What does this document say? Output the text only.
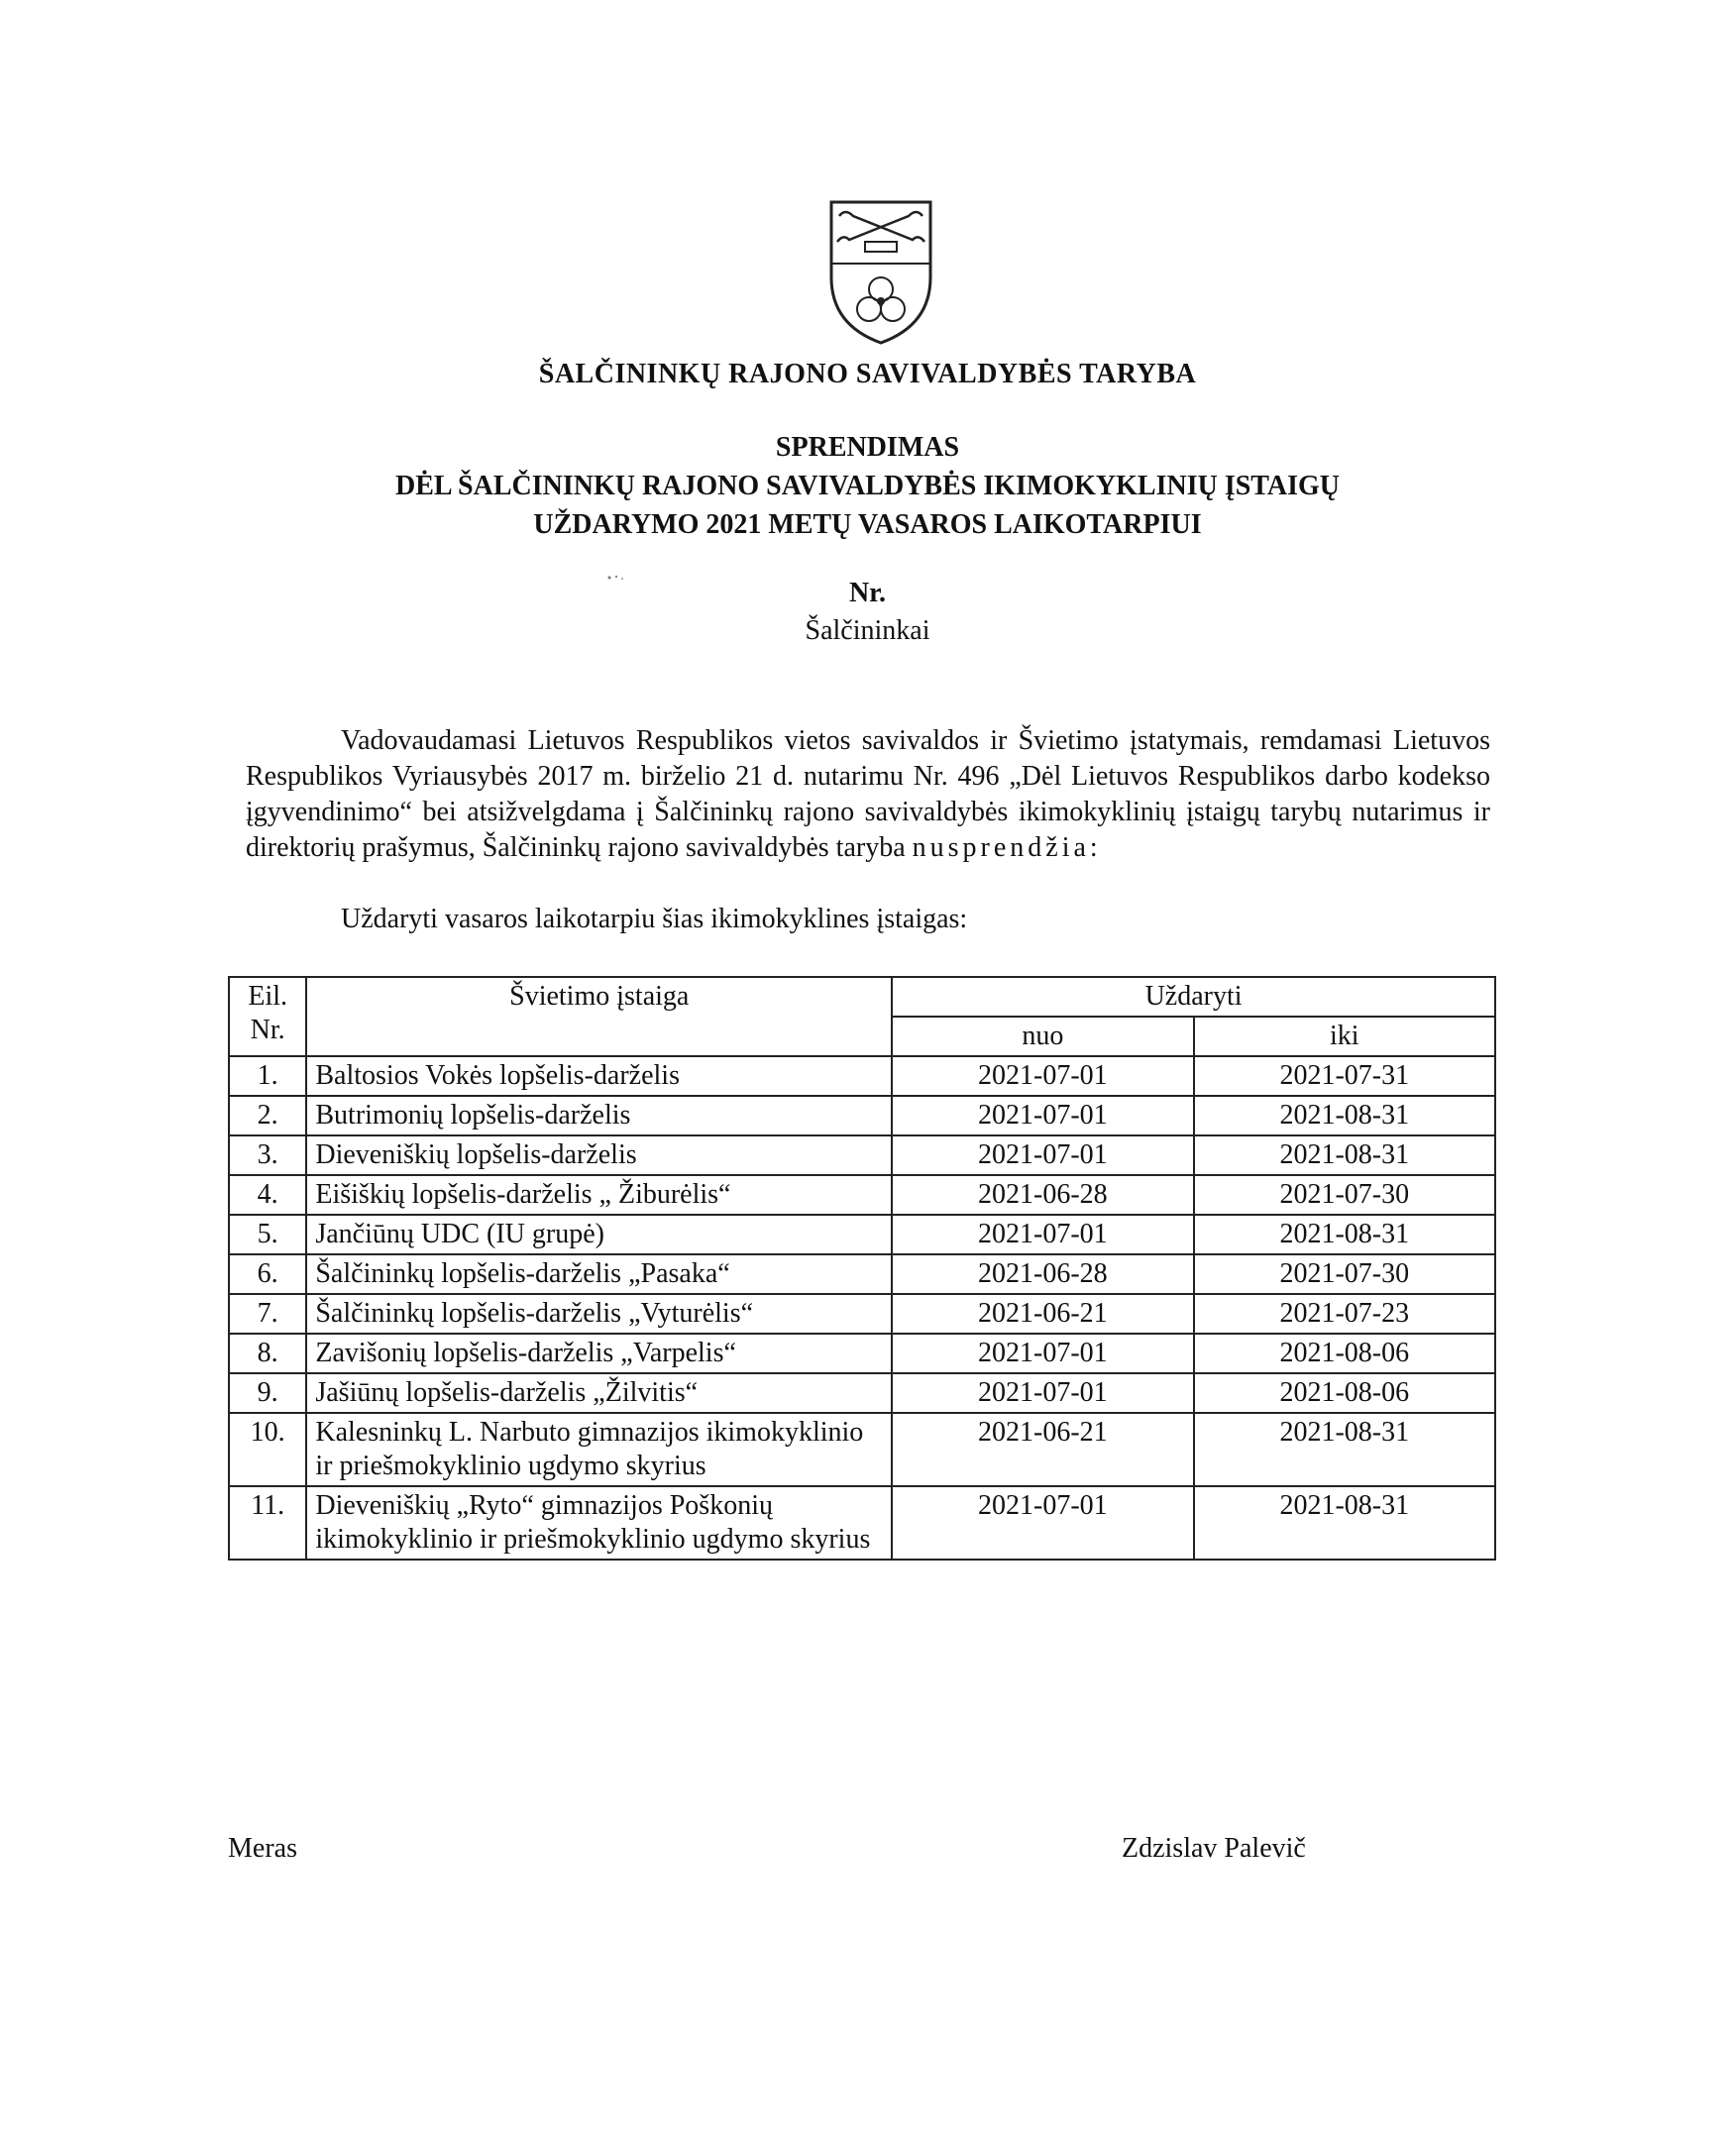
ŠALČININKŲ RAJONO SAVIVALDYBĖS TARYBA
SPRENDIMAS
DĖL ŠALČININKŲ RAJONO SAVIVALDYBĖS IKIMOKYKLINIŲ ĮSTAIGŲ
UŽDARYMO 2021 METŲ VASAROS LAIKOTARPIUI
Nr.
Šalčininkai
Vadovaudamasi Lietuvos Respublikos vietos savivaldos ir Švietimo įstatymais, remdamasi Lietuvos Respublikos Vyriausybės 2017 m. birželio 21 d. nutarimu Nr. 496 „Dėl Lietuvos Respublikos darbo kodekso įgyvendinimo“ bei atsižvelgdama į Šalčininkų rajono savivaldybės ikimokyklinių įstaigų tarybų nutarimus ir direktorių prašymus, Šalčininkų rajono savivaldybės taryba nusprendžia:
Uždaryti vasaros laikotarpiu šias ikimokyklines įstaigas:
Eil. Nr.	Švietimo įstaiga	Uždaryti	
		nuo	iki
1.	Baltosios Vokės lopšelis-darželis	2021-07-01	2021-07-31
2.	Butrimonių lopšelis-darželis	2021-07-01	2021-08-31
3.	Dieveniškių lopšelis-darželis	2021-07-01	2021-08-31
4.	Eišiškių lopšelis-darželis „ Žiburėlis“	2021-06-28	2021-07-30
5.	Jančiūnų UDC (IU grupė)	2021-07-01	2021-08-31
6.	Šalčininkų lopšelis-darželis „Pasaka“	2021-06-28	2021-07-30
7.	Šalčininkų lopšelis-darželis „Vyturėlis“	2021-06-21	2021-07-23
8.	Zavišonių lopšelis-darželis „Varpelis“	2021-07-01	2021-08-06
9.	Jašiūnų lopšelis-darželis „Žilvitis“	2021-07-01	2021-08-06
10.	Kalesninkų L. Narbuto gimnazijos ikimokyklinio ir priešmokyklinio ugdymo skyrius	2021-06-21	2021-08-31
11.	Dieveniškių „Ryto“ gimnazijos Poškonių ikimokyklinio ir priešmokyklinio ugdymo skyrius	2021-07-01	2021-08-31
Meras	Zdzislav Palevič
